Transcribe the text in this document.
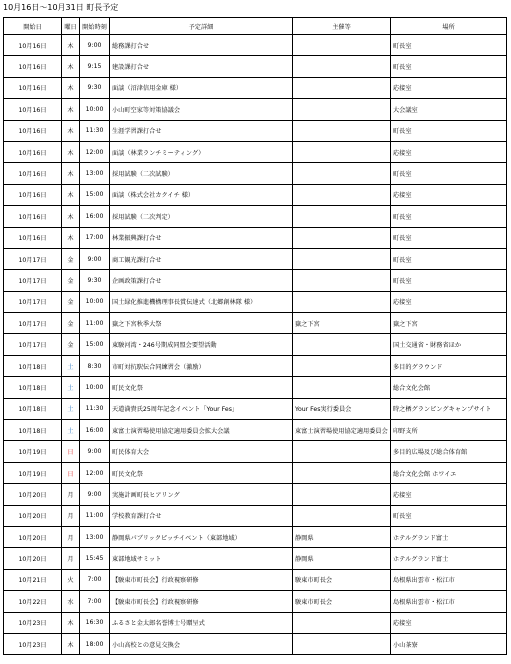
10月16日～10月31日 町長予定
開始日	曜日	開始時刻	予定詳細	主催等	場所
10月16日	木	9:00	総務課打合せ		町長室
10月16日	木	9:15	建設課打合せ		町長室
10月16日	木	9:30	面談（沼津信用金庫 様）		応接室
10月16日	木	10:00	小山町空家等対策協議会		大会議室
10月16日	木	11:30	生涯学習課打合せ		町長室
10月16日	木	12:00	面談（林業ランチミーティング）		応接室
10月16日	木	13:00	採用試験（二次試験）		町長室
10月16日	木	15:00	面談（株式会社カクイチ 様）		応接室
10月16日	木	16:00	採用試験（二次判定）		町長室
10月16日	木	17:00	林業振興課打合せ		町長室
10月17日	金	9:00	商工観光課打合せ		町長室
10月17日	金	9:30	企画政策課打合せ		町長室
10月17日	金	10:00	国土緑化推進機構理事長賞伝達式（北郷創林隊 様）		応接室
10月17日	金	11:00	嶽之下宮秋季大祭	嶽之下宮	嶽之下宮
10月17日	金	15:00	東駿河湾・246号期成同盟会要望活動		国土交通省・財務省ほか
10月18日	土	8:30	市町対抗駅伝合同練習会（激励）		多目的グラウンド
10月18日	土	10:00	町民文化祭		総合文化会館
10月18日	土	11:30	天道満貴氏25周年記念イベント「Your Fes」	Your Fes実行委員会	時之栖グランピングキャンプサイト
10月18日	土	16:00	東富士演習場使用協定適用委員会拡大会議	東富士演習場使用協定適用委員会	印野支所
10月19日	日	9:00	町民体育大会		多目的広場及び総合体育館
10月19日	日	12:00	町民文化祭		総合文化会館 ホワイエ
10月20日	月	9:00	実施計画町長ヒアリング		応接室
10月20日	月	11:00	学校教育課打合せ		町長室
10月20日	月	13:00	静岡県パブリックピッチイベント（東部地域）	静岡県	ホテルグランド富士
10月20日	月	15:45	東部地域サミット	静岡県	ホテルグランド富士
10月21日	火	7:00	【駿東市町長会】行政視察研修	駿東市町長会	島根県出雲市・松江市
10月22日	水	7:00	【駿東市町長会】行政視察研修	駿東市町長会	島根県出雲市・松江市
10月23日	木	16:30	ふるさと金太郎名誉博士号贈呈式		応接室
10月23日	木	18:00	小山高校との意見交換会		小山茶寮
